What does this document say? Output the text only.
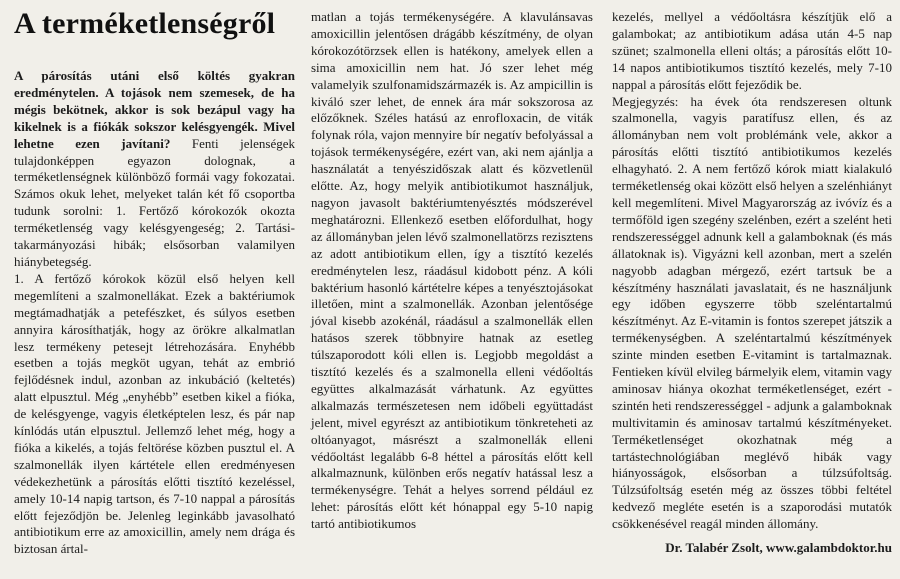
A terméketlenségről

A párosítás utáni első költés gyakran eredménytelen. A tojások nem szemesek, de ha mégis bekötnek, akkor is sok bezápul vagy ha kikelnek is a fiókák sokszor kelésgyengék. Mivel lehetne ezen javítani? Fenti jelenségek tulajdonképpen egyazon dolognak, a terméketlenségnek különböző formái vagy fokozatai. Számos okuk lehet, melyeket talán két fő csoportba tudunk sorolni: 1. Fertőző kórokozók okozta terméketlenség vagy kelésgyengeség; 2. Tartási-takarmányozási hibák; elsősorban valamilyen hiánybetegség.
1. A fertőző kórokok közül első helyen kell megemlíteni a szalmonellákat. Ezek a baktériumok megtámadhatják a petefészket, és súlyos esetben annyira károsíthatják, hogy az örökre alkalmatlan lesz termékeny petesejt létrehozására. Enyhébb esetben a tojás megköt ugyan, tehát az embrió fejlődésnek indul, azonban az inkubáció (keltetés) alatt elpusztul. Még „enyhébb” esetben kikel a fióka, de kelésgyenge, vagyis életképtelen lesz, és pár nap kínlódás után elpusztul. Jellemző lehet még, hogy a fióka a kikelés, a tojás feltörése közben pusztul el. A szalmonellák ilyen kártétele ellen eredményesen védekezhetünk a párosítás előtti tisztító kezeléssel, amely 10-14 napig tartson, és 7-10 nappal a párosítás előtt fejeződjön be. Jelenleg leginkább javasolható antibiotikum erre az amoxicillin, amely nem drága és biztosan ártal-

matlan a tojás termékenységére. A klavulánsavas amoxicillin jelentősen drágább készítmény, de olyan kórokozótörzsek ellen is hatékony, amelyek ellen a sima amoxicillin nem hat. Jó szer lehet még valamelyik szulfonamidszármazék is. Az ampicillin is kiváló szer lehet, de ennek ára már sokszorosa az előzőknek. Széles hatású az enrofloxacin, de viták folynak róla, vajon mennyire bír negatív befolyással a tojások termékenységére, ezért van, aki nem ajánlja a használatát a tenyészidőszak alatt és közvetlenül előtte. Az, hogy melyik antibiotikumot használjuk, nagyon javasolt baktériumtenyésztés módszerével meghatározni. Ellenkező esetben előfordulhat, hogy az állományban jelen lévő szalmonellatörzs rezisztens az adott antibiotikum ellen, így a tisztító kezelés eredménytelen lesz, ráadásul kidobott pénz. A kóli baktérium hasonló kártételre képes a tenyésztojásokat illetően, mint a szalmonellák. Azonban jelentősége jóval kisebb azokénál, ráadásul a szalmonellák ellen hatásos szerek többnyire hatnak az esetleg túlszaporodott kóli ellen is. Legjobb megoldást a tisztító kezelés és a szalmonella elleni védőoltás együttes alkalmazását várhatunk. Az együttes alkalmazás természetesen nem időbeli együttadást jelent, mivel egyrészt az antibiotikum tönkreteheti az oltóanyagot, másrészt a szalmonellák elleni védőoltást legalább 6-8 héttel a párosítás előtt kell alkalmaznunk, különben erős negatív hatással lesz a termékenységre. Tehát a helyes sorrend például ez lehet: párosítás előtt két hónappal egy 5-10 napig tartó antibiotikumos

kezelés, mellyel a védőoltásra készítjük elő a galambokat; az antibiotikum adása után 4-5 nap szünet; szalmonella elleni oltás; a párosítás előtt 10-14 napos antibiotikumos tisztító kezelés, mely 7-10 nappal a párosítás előtt fejeződik be.
Megjegyzés: ha évek óta rendszeresen oltunk szalmonella, vagyis paratífusz ellen, és az állományban nem volt problémánk vele, akkor a párosítás előtti tisztító antibiotikumos kezelés elhagyható. 2. A nem fertőző kórok miatt kialakuló terméketlenség okai között első helyen a szelénhiányt kell megemlíteni. Mivel Magyarország az ivóvíz és a termőföld igen szegény szelénben, ezért a szelént heti rendszerességgel adnunk kell a galamboknak (és más állatoknak is). Vigyázni kell azonban, mert a szelén nagyobb adagban mérgező, ezért tartsuk be a készítmény használati javaslatait, és ne használjunk egy időben egyszerre több szeléntartalmú készítményt. Az E-vitamin is fontos szerepet játszik a termékenységben. A szeléntartalmú készítmények szinte minden esetben E-vitamint is tartalmaznak. Fentieken kívül elvileg bármelyik elem, vitamin vagy aminosav hiánya okozhat terméketlenséget, ezért - szintén heti rendszerességgel - adjunk a galamboknak multivitamin és aminosav tartalmú készítményeket. Terméketlenséget okozhatnak még a tartástechnológiában meglévő hibák vagy hiányosságok, elsősorban a túlzsúfoltság. Túlzsúfoltság esetén még az összes többi feltétel kedvező megléte esetén is a szaporodási mutatók csökkenésével reagál minden állomány.

Dr. Talabér Zsolt, www.galambdoktor.hu
